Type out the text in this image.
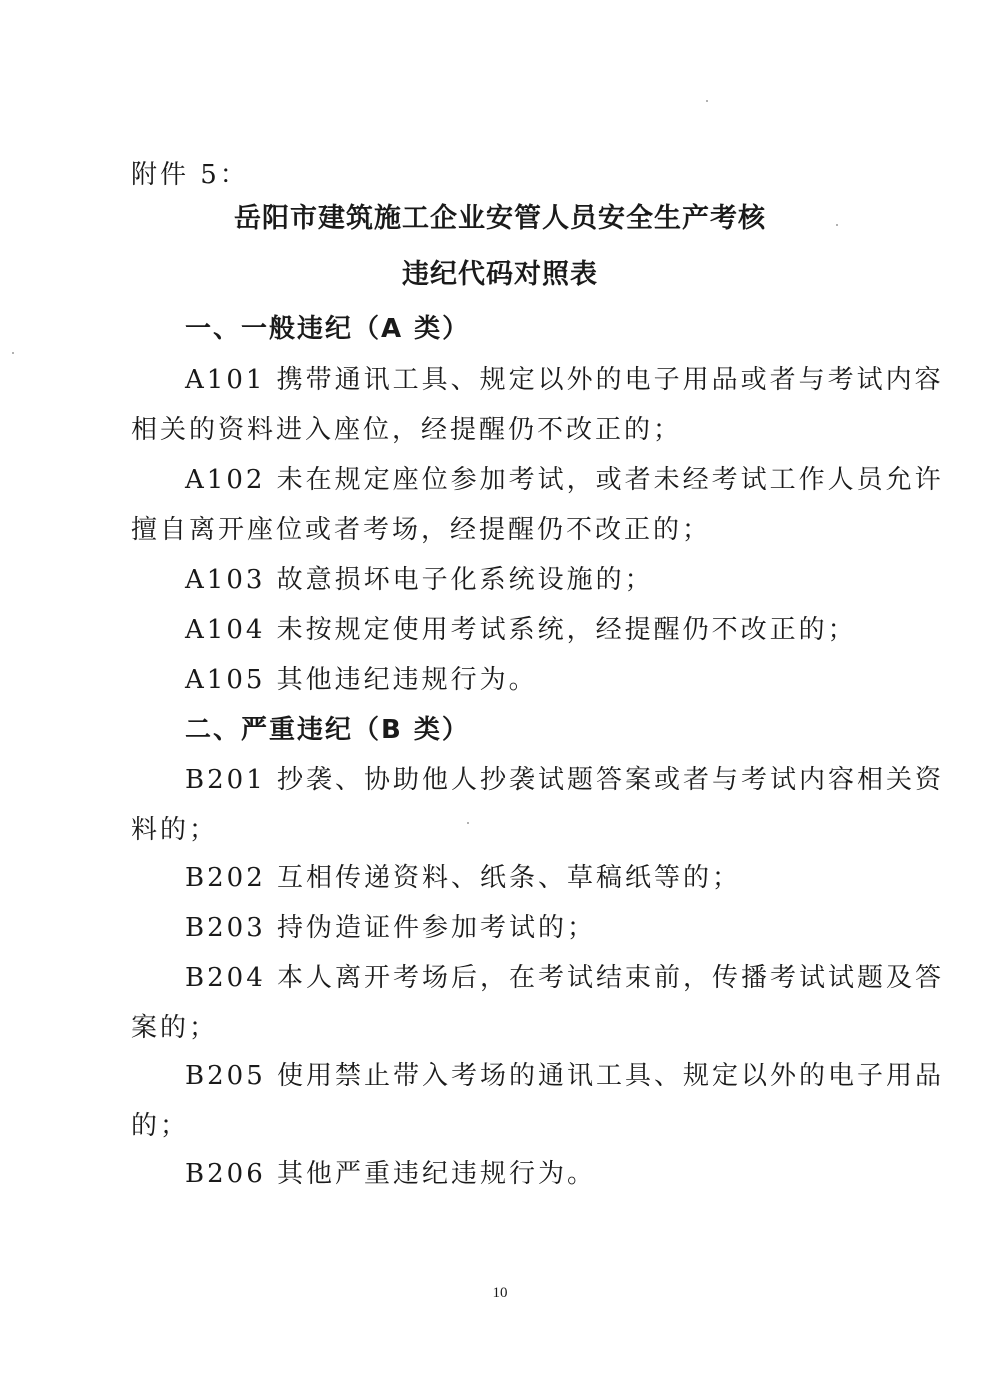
附件 5：

岳阳市建筑施工企业安管人员安全生产考核
违纪代码对照表

一、一般违纪（A 类）

A101 携带通讯工具、规定以外的电子用品或者与考试内容

相关的资料进入座位，经提醒仍不改正的；

A102 未在规定座位参加考试，或者未经考试工作人员允许

擅自离开座位或者考场，经提醒仍不改正的；

A103 故意损坏电子化系统设施的；

A104 未按规定使用考试系统，经提醒仍不改正的；

A105 其他违纪违规行为。

二、严重违纪（B 类）

B201 抄袭、协助他人抄袭试题答案或者与考试内容相关资

料的；

B202 互相传递资料、纸条、草稿纸等的；

B203 持伪造证件参加考试的；

B204 本人离开考场后，在考试结束前，传播考试试题及答

案的；

B205 使用禁止带入考场的通讯工具、规定以外的电子用品

的；

B206 其他严重违纪违规行为。

10
